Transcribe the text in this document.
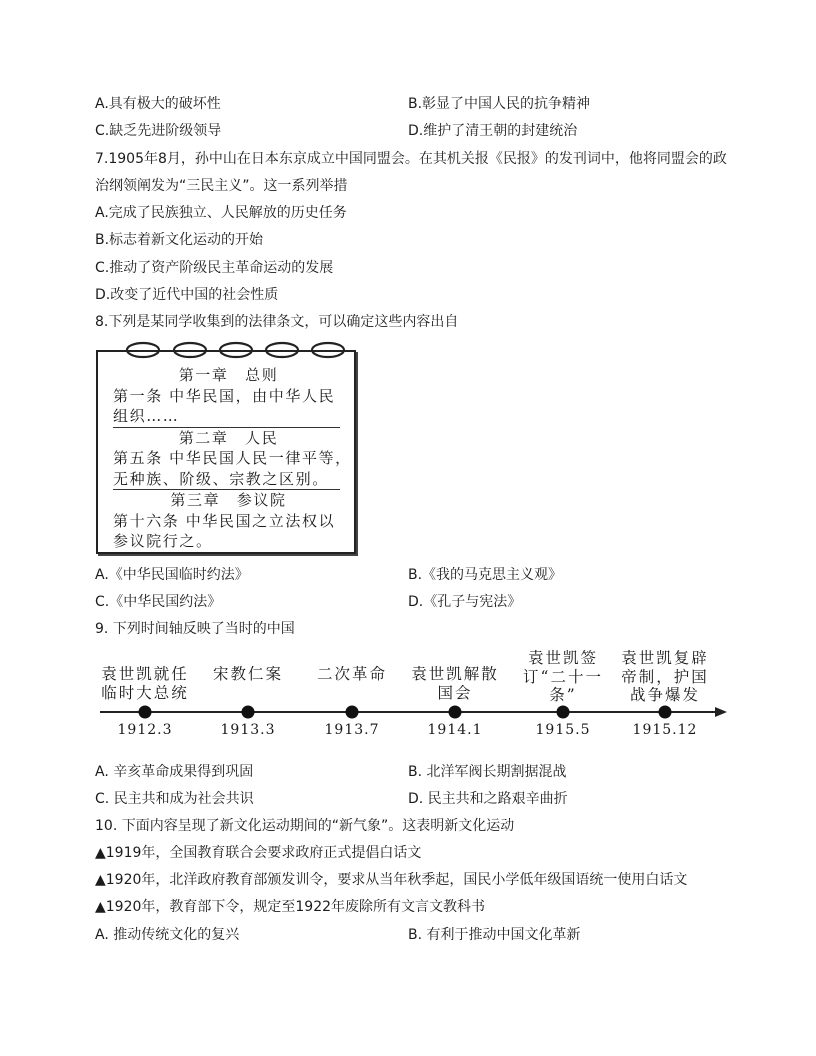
A.具有极大的破坏性	B.彰显了中国人民的抗争精神
C.缺乏先进阶级领导	D.维护了清王朝的封建统治
7.1905年8月，孙中山在日本东京成立中国同盟会。在其机关报《民报》的发刊词中，他将同盟会的政
治纲领阐发为“三民主义”。这一系列举措
A.完成了民族独立、人民解放的历史任务
B.标志着新文化运动的开始
C.推动了资产阶级民主革命运动的发展
D.改变了近代中国的社会性质
8.下列是某同学收集到的法律条文，可以确定这些内容出自
第一章　总则
第一条 中华民国，由中华人民
组织……
第二章　人民
第五条 中华民国人民一律平等，
无种族、阶级、宗教之区别。
第三章　参议院
第十六条 中华民国之立法权以
参议院行之。
A.《中华民国临时约法》	B.《我的马克思主义观》
C.《中华民国约法》	D.《孔子与宪法》
9. 下列时间轴反映了当时的中国
袁世凯就任
临时大总统
宋教仁案	二次革命	袁世凯解散
国会
袁世凯签
订“二十一
条”
袁世凯复辟
帝制，护国
战争爆发
1912.3	1913.3	1913.7	1914.1	1915.5	1915.12
A. 辛亥革命成果得到巩固	B. 北洋军阀长期割据混战
C. 民主共和成为社会共识	D. 民主共和之路艰辛曲折
10. 下面内容呈现了新文化运动期间的“新气象”。这表明新文化运动
▲1919年，全国教育联合会要求政府正式提倡白话文
▲1920年，北洋政府教育部颁发训令，要求从当年秋季起，国民小学低年级国语统一使用白话文
▲1920年，教育部下令，规定至1922年废除所有文言文教科书
A. 推动传统文化的复兴	B. 有利于推动中国文化革新
